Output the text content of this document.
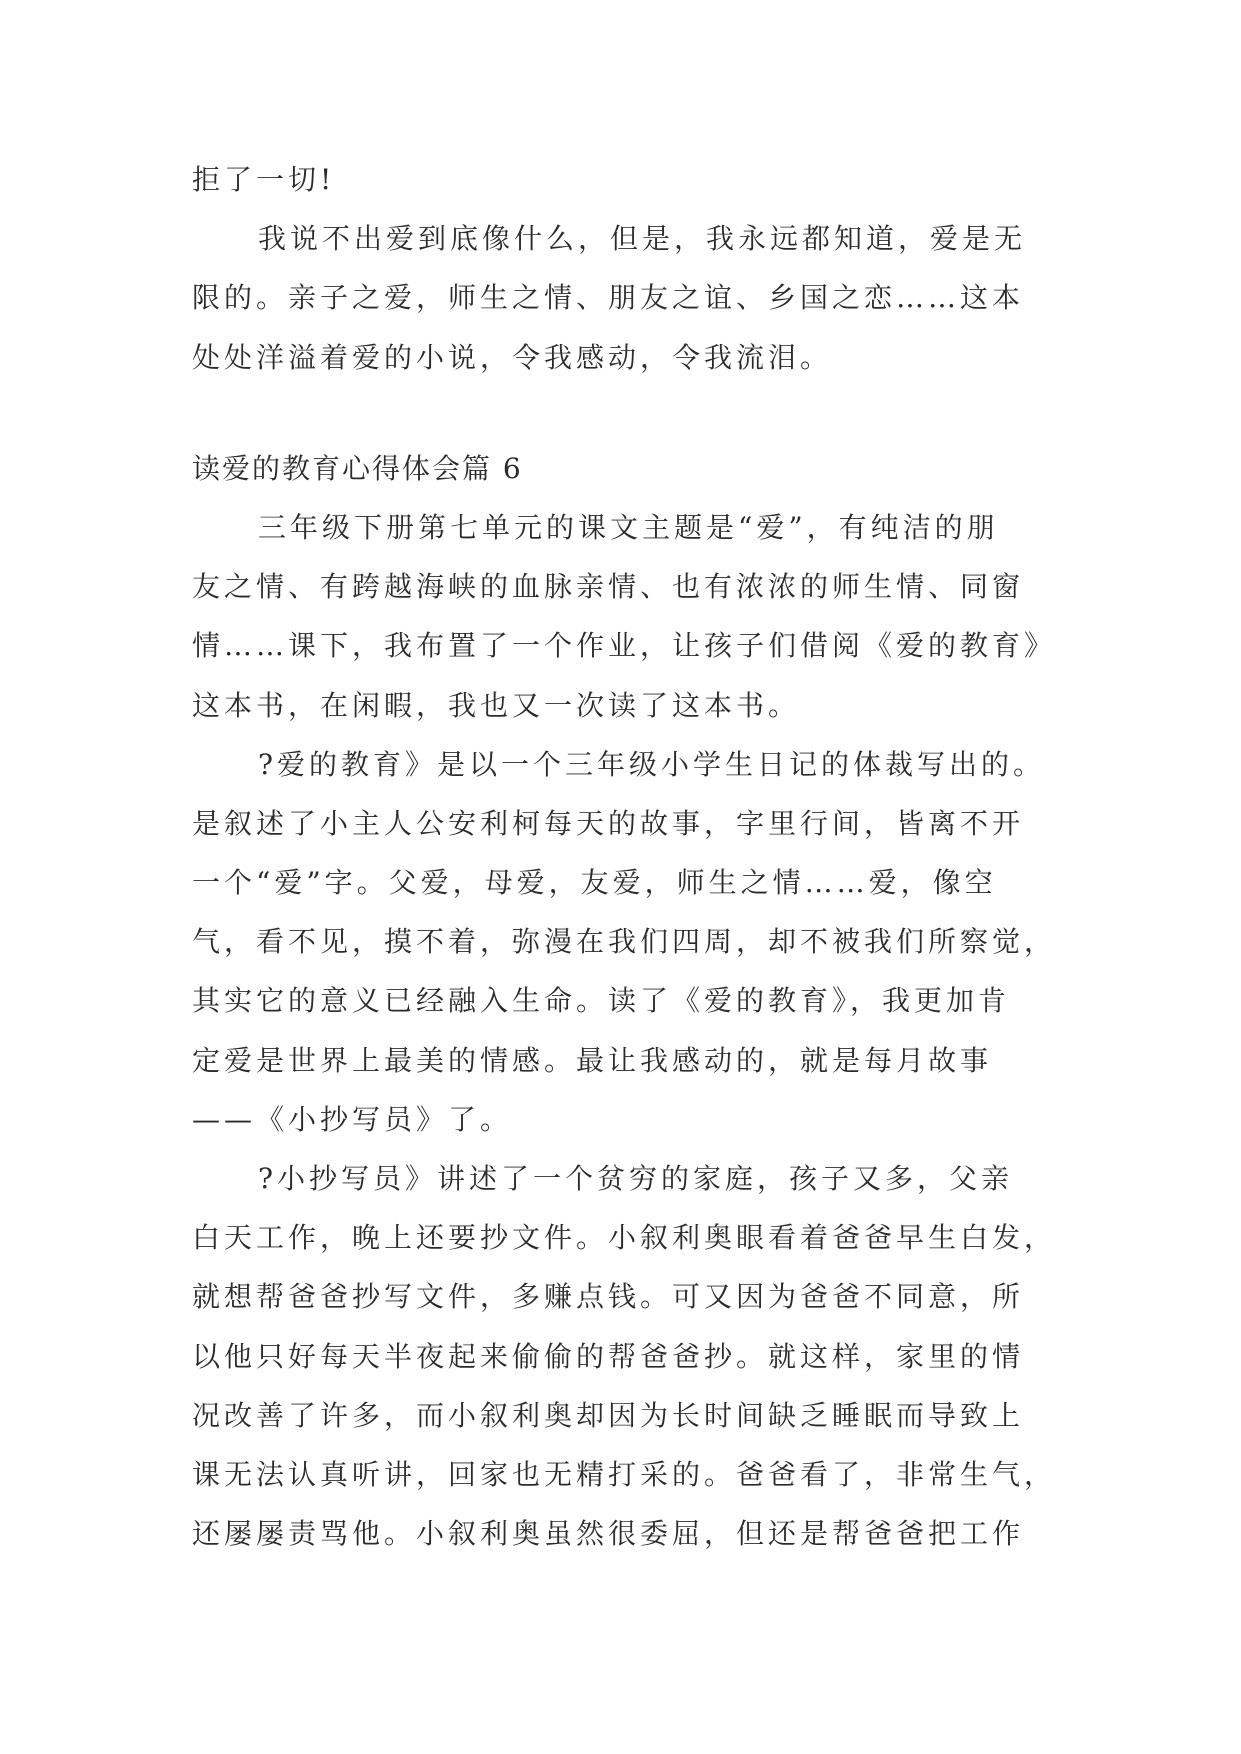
拒了一切!
我说不出爱到底像什么，但是，我永远都知道，爱是无
限的。亲子之爱，师生之情、朋友之谊、乡国之恋……这本
处处洋溢着爱的小说，令我感动，令我流泪。
读爱的教育心得体会篇 6
三年级下册第七单元的课文主题是“爱”，有纯洁的朋
友之情、有跨越海峡的血脉亲情、也有浓浓的师生情、同窗
情……课下，我布置了一个作业，让孩子们借阅《爱的教育》
这本书，在闲暇，我也又一次读了这本书。
?爱的教育》是以一个三年级小学生日记的体裁写出的。
是叙述了小主人公安利柯每天的故事，字里行间，皆离不开
一个“爱”字。父爱，母爱，友爱，师生之情……爱，像空
气，看不见，摸不着，弥漫在我们四周，却不被我们所察觉，
其实它的意义已经融入生命。读了《爱的教育》，我更加肯
定爱是世界上最美的情感。最让我感动的，就是每月故事
——《小抄写员》了。
?小抄写员》讲述了一个贫穷的家庭，孩子又多，父亲
白天工作，晚上还要抄文件。小叙利奥眼看着爸爸早生白发，
就想帮爸爸抄写文件，多赚点钱。可又因为爸爸不同意，所
以他只好每天半夜起来偷偷的帮爸爸抄。就这样，家里的情
况改善了许多，而小叙利奥却因为长时间缺乏睡眠而导致上
课无法认真听讲，回家也无精打采的。爸爸看了，非常生气，
还屡屡责骂他。小叙利奥虽然很委屈，但还是帮爸爸把工作
